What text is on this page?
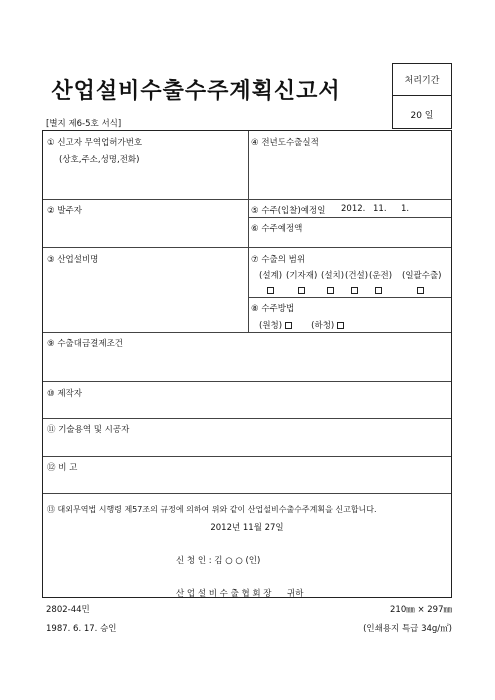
산업설비수출수주계획신고서	처리기간
20 일
[별지 제6-5호 서식]
① 신고자 무역업허가번호
(상호,주소,성명,전화)
④ 전년도수출실적
② 발주자	⑤ 수주(입찰)예정일 2012. 11. 1.
⑥ 수주예정액
③ 산업설비명	⑦ 수출의 범위
(설계) (기자재) (설치) (건설) (운전) (일괄수출)
⑧ 수주방법
(원청)	(하청)
⑨ 수출대금결제조건
⑩ 제작자
⑪ 기술용역 및 시공자
⑫ 비 고
⑬ 대외무역법 시행령 제57조의 규정에 의하여 위와 같이 산업설비수출수주계획을 신고합니다.
2012년 11월 27일
신 청 인 : 김 ○ ○ (인)
산 업 설 비 수 출 협 회 장 귀하
2802-44민	210㎜ × 297㎜
1987. 6. 17. 승인	(인쇄용지 특급 34g/㎡)
